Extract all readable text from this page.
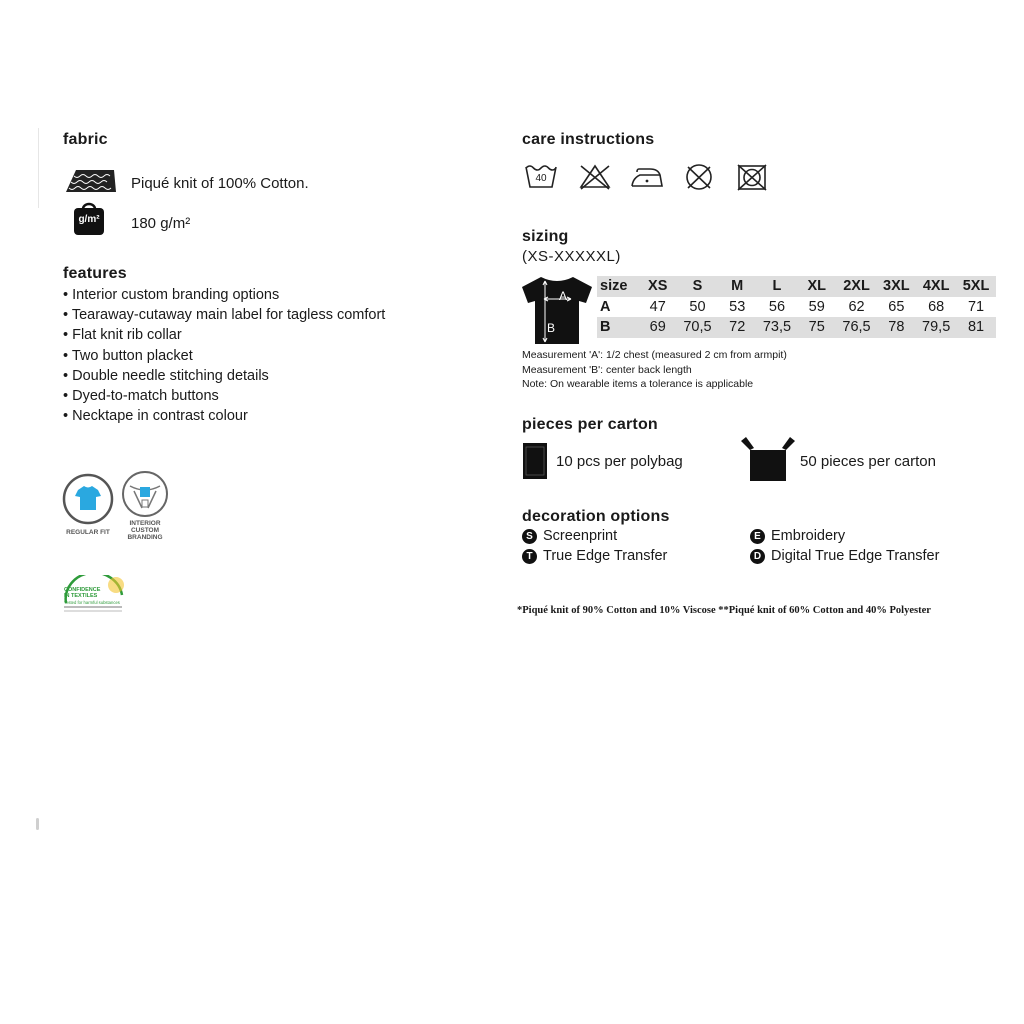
fabric
Piqué knit of 100% Cotton.
g/m²	180 g/m²
features
• Interior custom branding options
• Tearaway-cutaway main label for tagless comfort
• Flat knit rib collar
• Two button placket
• Double needle stitching details
• Dyed-to-match buttons
• Necktape in contrast colour
REGULAR FIT
INTERIOR
CUSTOM
BRANDING
CONFIDENCE
IN TEXTILES
Tested for harmful substances
care instructions
40
sizing
(XS-XXXXXL)
A
B
size	XS	S	M	L	XL	2XL	3XL	4XL	5XL
A	47	50	53	56	59	62	65	68	71
B	69	70,5	72	73,5	75	76,5	78	79,5	81
Measurement 'A': 1/2 chest (measured 2 cm from armpit)
Measurement 'B': center back length
Note: On wearable items a tolerance is applicable
pieces per carton
10 pcs per polybag	50 pieces per carton
decoration options
S Screenprint	E Embroidery
T True Edge Transfer	D Digital True Edge Transfer
*Piqué knit of 90% Cotton and 10% Viscose **Piqué knit of 60% Cotton and 40% Polyester
